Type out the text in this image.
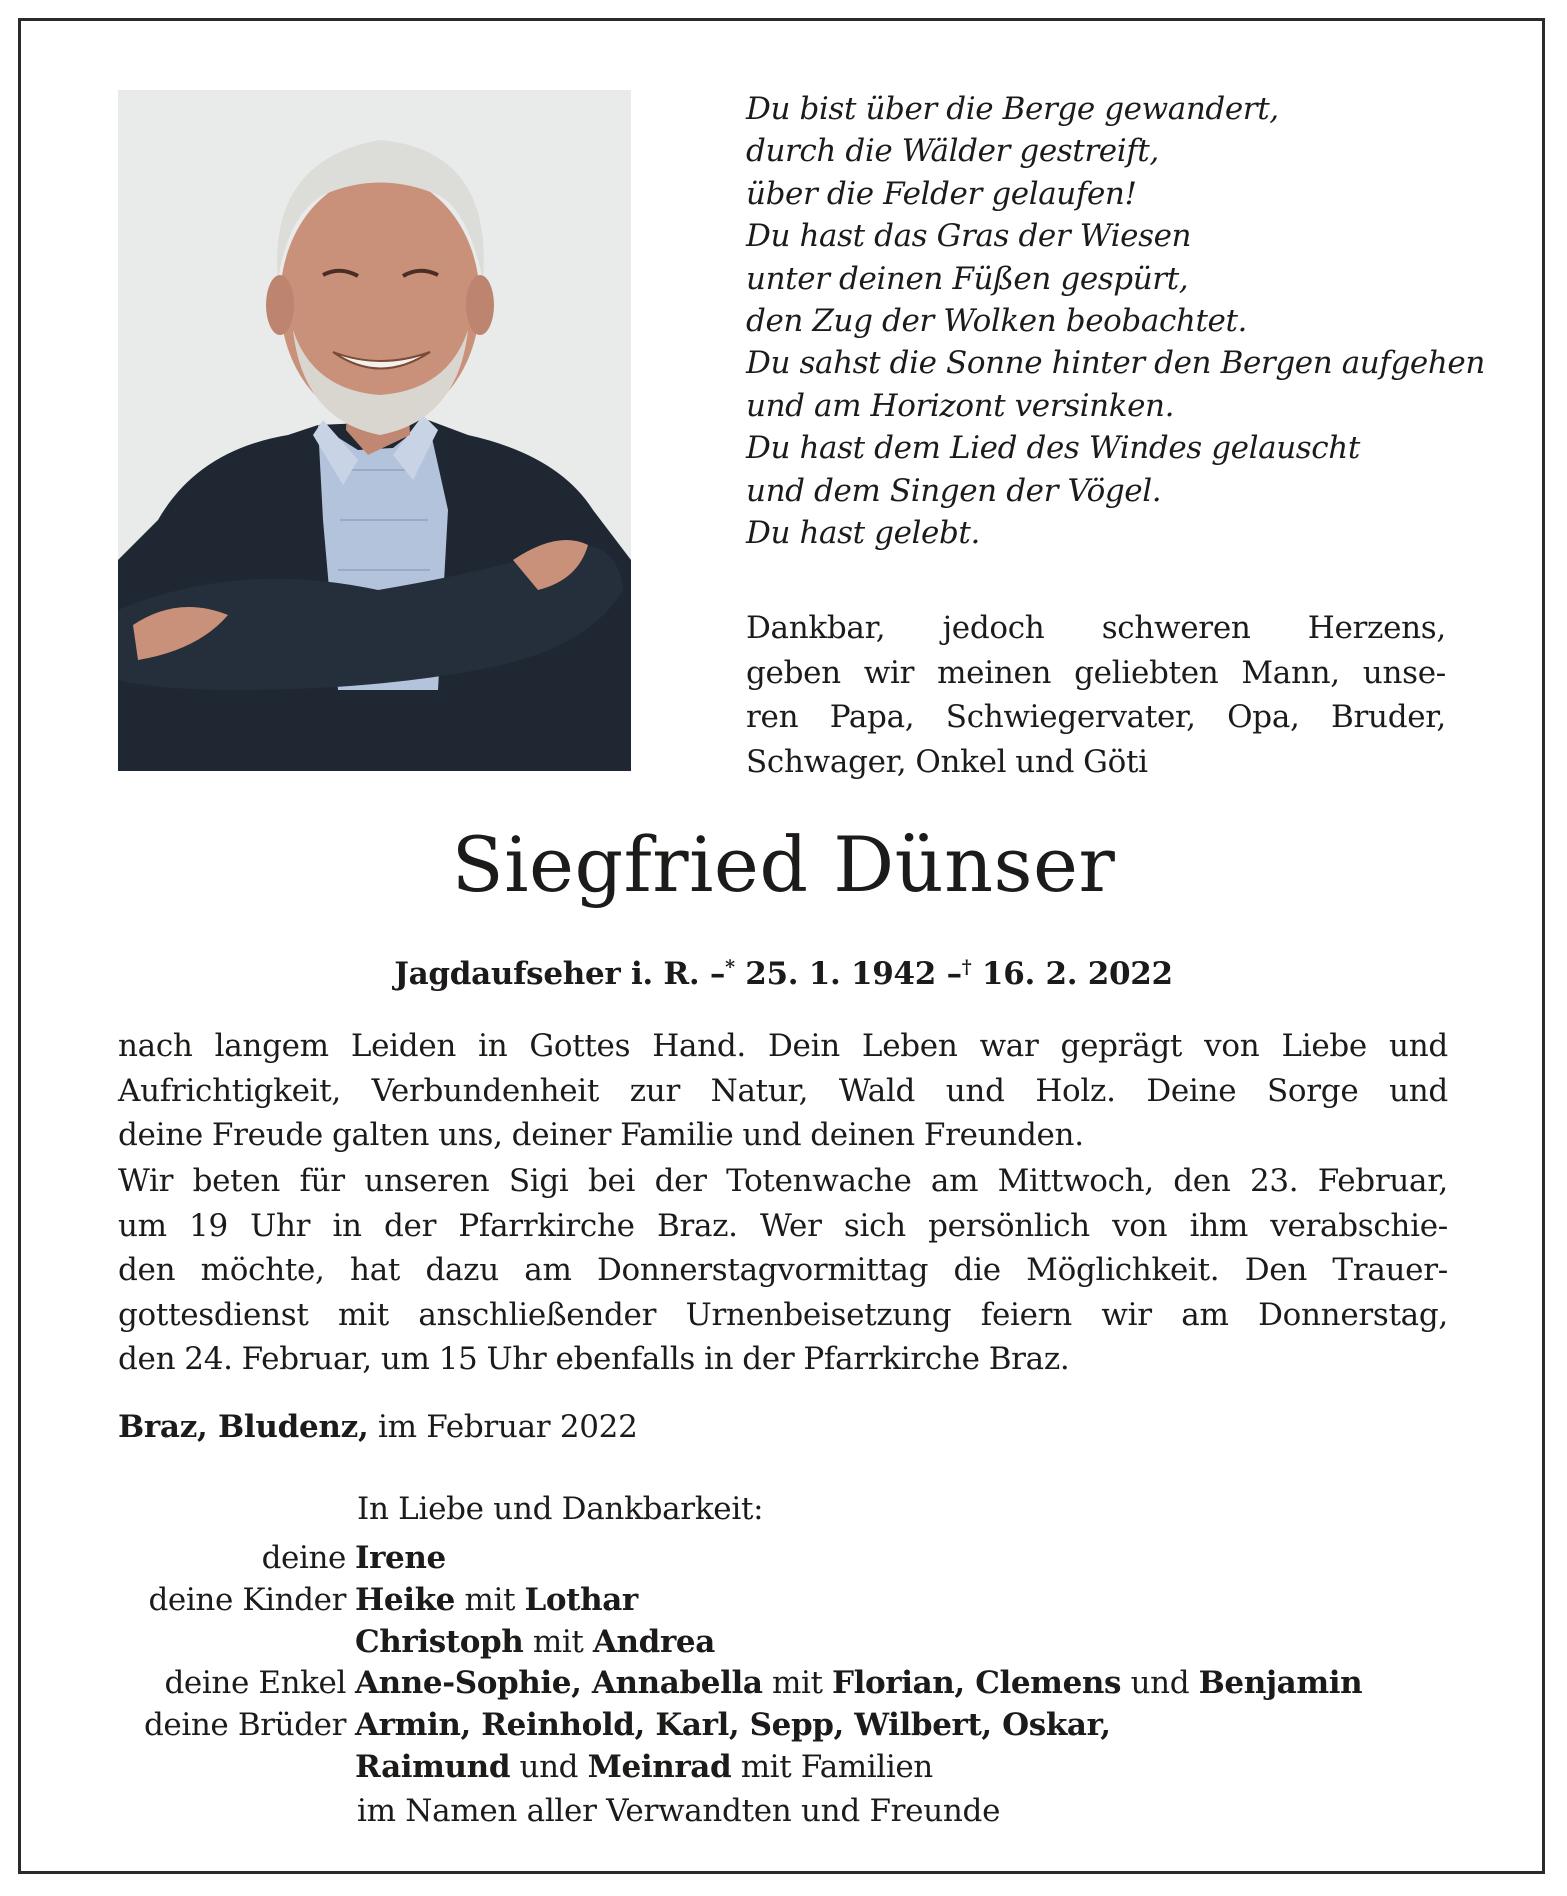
Du bist über die Berge gewandert,
durch die Wälder gestreift,
über die Felder gelaufen!
Du hast das Gras der Wiesen
unter deinen Füßen gespürt,
den Zug der Wolken beobachtet.
Du sahst die Sonne hinter den Bergen aufgehen
und am Horizont versinken.
Du hast dem Lied des Windes gelauscht
und dem Singen der Vögel.
Du hast gelebt.
Dankbar, jedoch schweren Herzens,
geben wir meinen geliebten Mann, unse-
ren Papa, Schwiegervater, Opa, Bruder,
Schwager, Onkel und Göti
Siegfried Dünser
Jagdaufseher i. R. –* 25. 1. 1942 –† 16. 2. 2022
nach langem Leiden in Gottes Hand. Dein Leben war geprägt von Liebe und
Aufrichtigkeit, Verbundenheit zur Natur, Wald und Holz. Deine Sorge und
deine Freude galten uns, deiner Familie und deinen Freunden.
Wir beten für unseren Sigi bei der Totenwache am Mittwoch, den 23. Februar,
um 19 Uhr in der Pfarrkirche Braz. Wer sich persönlich von ihm verabschie-
den möchte, hat dazu am Donnerstagvormittag die Möglichkeit. Den Trauer-
gottesdienst mit anschließender Urnenbeisetzung feiern wir am Donnerstag,
den 24. Februar, um 15 Uhr ebenfalls in der Pfarrkirche Braz.
Braz, Bludenz, im Februar 2022
In Liebe und Dankbarkeit:
deine Irene
deine Kinder Heike mit Lothar
Christoph mit Andrea
deine Enkel Anne-Sophie, Annabella mit Florian, Clemens und Benjamin
deine Brüder Armin, Reinhold, Karl, Sepp, Wilbert, Oskar,
Raimund und Meinrad mit Familien
im Namen aller Verwandten und Freunde
